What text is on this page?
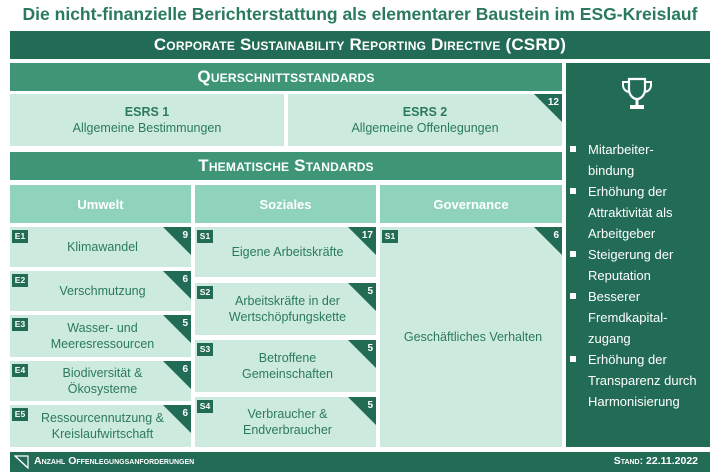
Die nicht-finanzielle Berichterstattung als elementarer Baustein im ESG-Kreislauf
Corporate Sustainability Reporting Directive (CSRD)
Querschnittsstandards
ESRS 1
Allgemeine Bestimmungen
ESRS 2
Allgemeine Offenlegungen
12
Thematische Standards
Umwelt	Soziales	Governance
E1
Klimawandel
9
E2
Verschmutzung
6
E3	Wasser- und Meeresressourcen
5
E4	Biodiversität & Ökosysteme
6
E5	Ressourcennutzung & Kreislaufwirtschaft
6
S1
Eigene Arbeitskräfte
17
S2
Arbeitskräfte in der Wertschöpfungskette
5
S3
Betroffene Gemeinschaften
5
S4
Verbraucher & Endverbraucher
5
S1
Geschäftliches Verhalten
6
Mitarbeiter-bindung
Erhöhung der Attraktivität als Arbeitgeber
Steigerung der Reputation
Besserer Fremdkapital-zugang
Erhöhung der Transparenz durch Harmonisierung
Anzahl Offenlegungsanforderungen	Stand: 22.11.2022
